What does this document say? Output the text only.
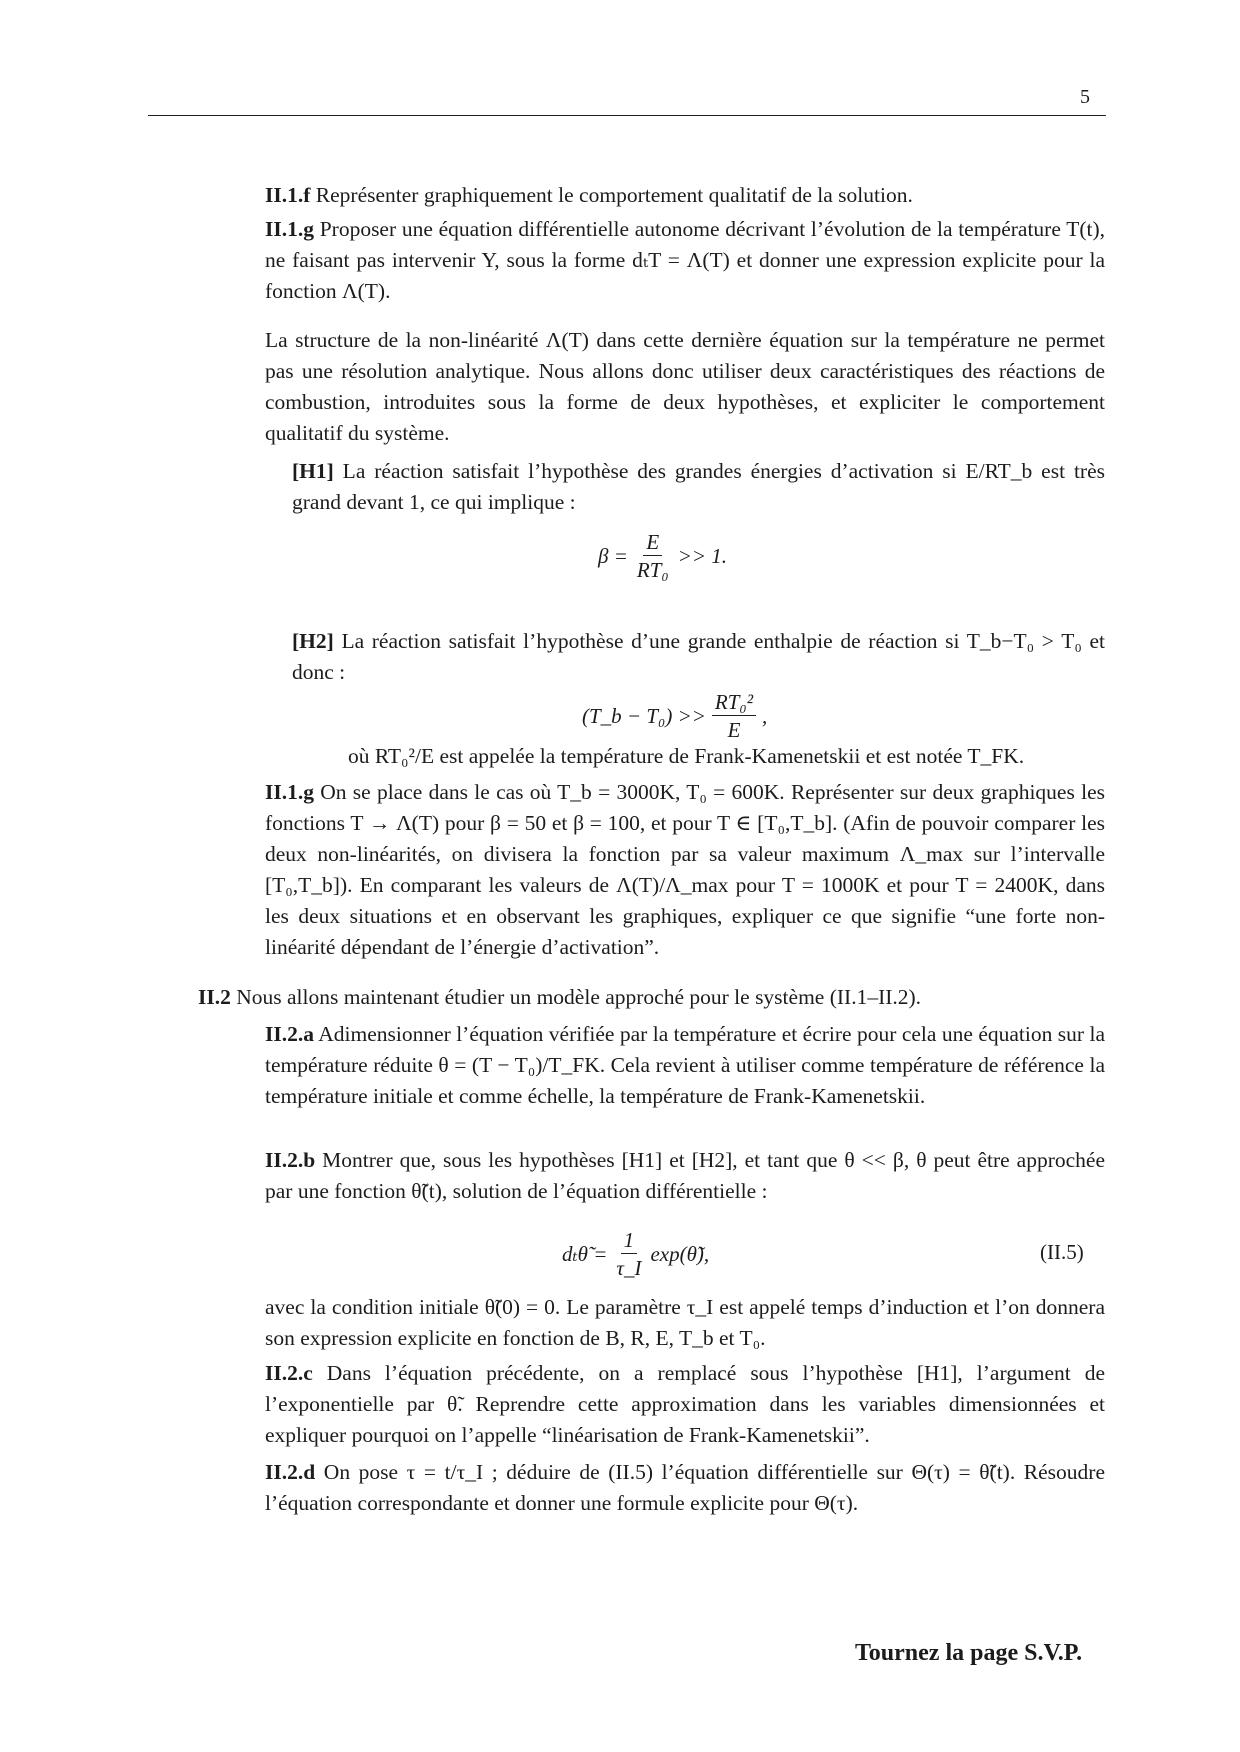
5

II.1.f Représenter graphiquement le comportement qualitatif de la solution.

II.1.g Proposer une équation différentielle autonome décrivant l’évolution de la température T(t), ne faisant pas intervenir Y, sous la forme dₜT = Λ(T) et donner une expression explicite pour la fonction Λ(T).

La structure de la non-linéarité Λ(T) dans cette dernière équation sur la température ne permet pas une résolution analytique. Nous allons donc utiliser deux caractéristiques des réactions de combustion, introduites sous la forme de deux hypothèses, et expliciter le comportement qualitatif du système.

[H1] La réaction satisfait l’hypothèse des grandes énergies d’activation si E/RT_b est très grand devant 1, ce qui implique :

$\beta = \frac{E}{\text{RT₀}} >> 1$.

[H2] La réaction satisfait l’hypothèse d’une grande enthalpie de réaction si T_b−T₀ > T₀ et donc :

(T_b − $T_0) >> \frac{\text{RT₀²}}{E}$ ,

où RT₀²/E est appelée la température de Frank-Kamenetskii et est notée T_FK.

II.1.g On se place dans le cas où T_b = 3000K, T₀ = 600K. Représenter sur deux graphiques les fonctions T → Λ(T) pour β = 50 et β = 100, et pour T ∈ [T₀,T_b]. (Afin de pouvoir comparer les deux non-linéarités, on divisera la fonction par sa valeur maximum Λ_max sur l’intervalle [T₀,T_b]). En comparant les valeurs de Λ(T)/Λ_max pour T = 1000K et pour T = 2400K, dans les deux situations et en observant les graphiques, expliquer ce que signifie “une forte non-linéarité dépendant de l’énergie d’activation”.

II.2 Nous allons maintenant étudier un modèle approché pour le système (II.1–II.2).

II.2.a Adimensionner l’équation vérifiée par la température et écrire pour cela une équation sur la température réduite θ = (T − T₀)/T_FK. Cela revient à utiliser comme température de référence la température initiale et comme échelle, la température de Frank-Kamenetskii.

II.2.b Montrer que, sous les hypothèses [H1] et [H2], et tant que θ << β, θ peut être approchée par une fonction θ̃(t), solution de l’équation différentielle :

dₜθ̃ = $\frac{1}{\tau\_I}$ exp(θ̃),	(II.5)

avec la condition initiale θ̃(0) = 0. Le paramètre τ_I est appelé temps d’induction et l’on donnera son expression explicite en fonction de B, R, E, T_b et T₀.

II.2.c Dans l’équation précédente, on a remplacé sous l’hypothèse [H1], l’argument de l’exponentielle par θ̃. Reprendre cette approximation dans les variables dimensionnées et expliquer pourquoi on l’appelle “linéarisation de Frank-Kamenetskii”.

II.2.d On pose τ = t/τ_I ; déduire de (II.5) l’équation différentielle sur Θ(τ) = θ̃(t). Résoudre l’équation correspondante et donner une formule explicite pour Θ(τ).

Tournez la page S.V.P.
